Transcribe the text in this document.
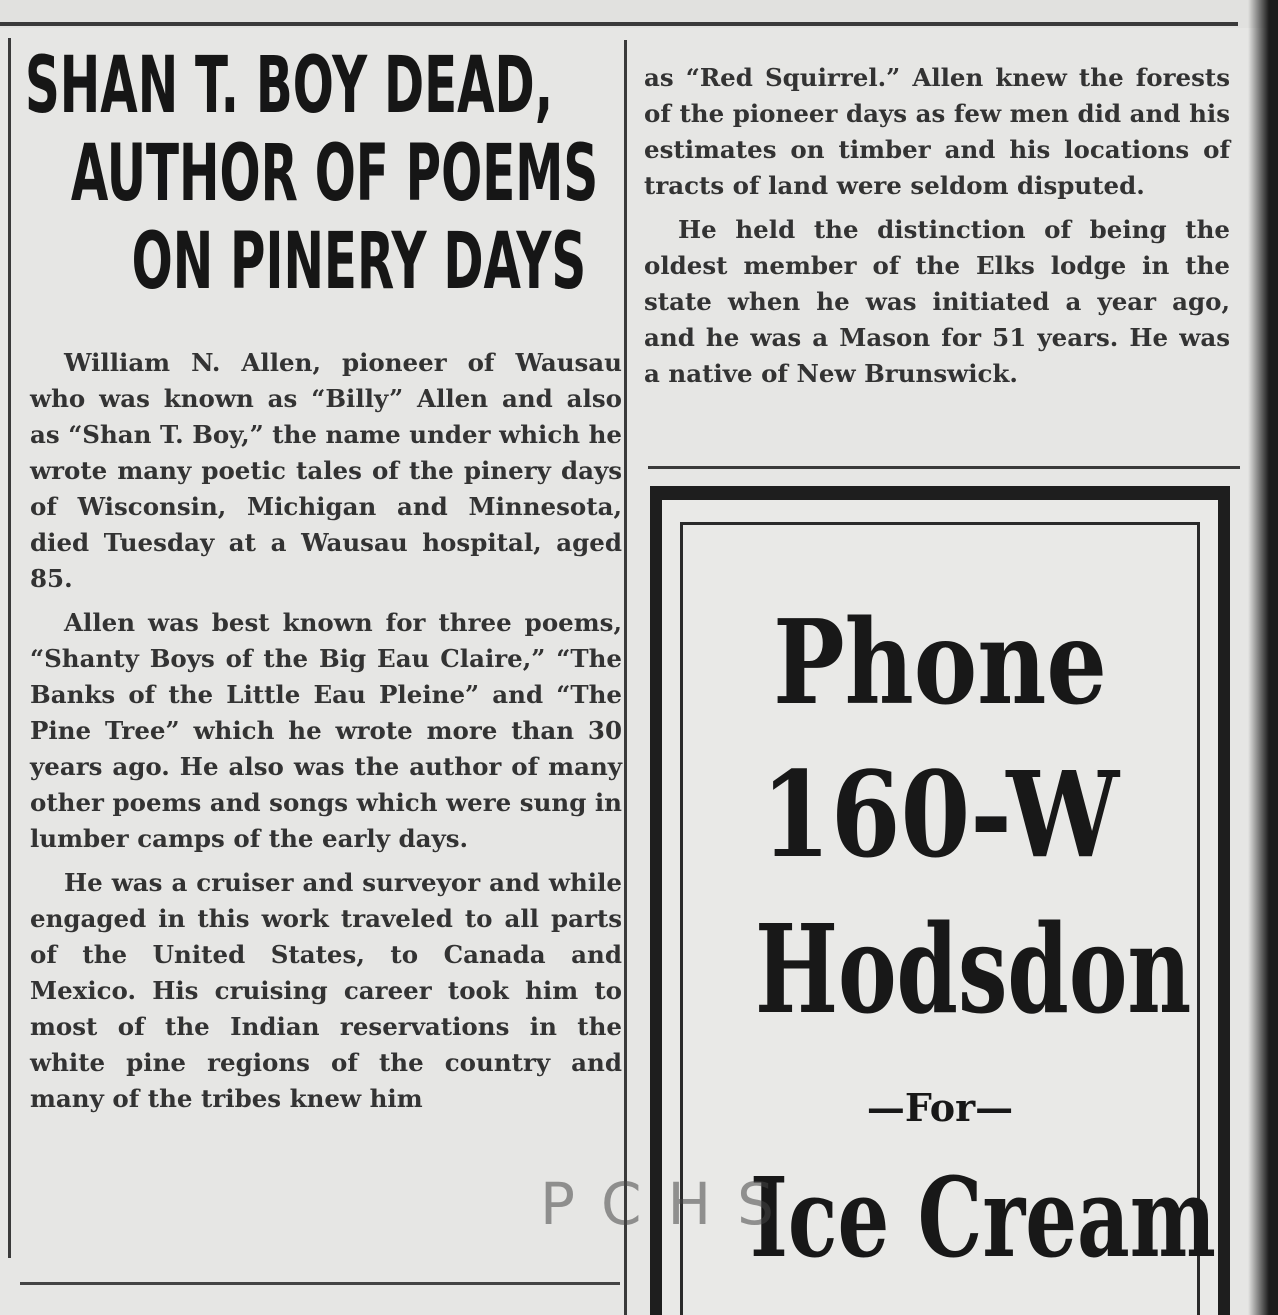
SHAN T. BOY DEAD,
AUTHOR OF POEMS
ON PINERY DAYS

William N. Allen, pioneer of Wausau who was known as “Billy” Allen and also as “Shan T. Boy,” the name under which he wrote many poetic tales of the pinery days of Wisconsin, Michigan and Minnesota, died Tuesday at a Wausau hospital, aged 85.

Allen was best known for three poems, “Shanty Boys of the Big Eau Claire,” “The Banks of the Little Eau Pleine” and “The Pine Tree” which he wrote more than 30 years ago. He also was the author of many other poems and songs which were sung in lumber camps of the early days.

He was a cruiser and surveyor and while engaged in this work traveled to all parts of the United States, to Canada and Mexico. His cruising career took him to most of the Indian reservations in the white pine regions of the country and many of the tribes knew him

as “Red Squirrel.” Allen knew the forests of the pioneer days as few men did and his estimates on timber and his locations of tracts of land were seldom disputed.

He held the distinction of being the oldest member of the Elks lodge in the state when he was initiated a year ago, and he was a Mason for 51 years. He was a native of New Brunswick.

Phone
160-W
Hodsdon
—For—
Ice Cream
PCHS
